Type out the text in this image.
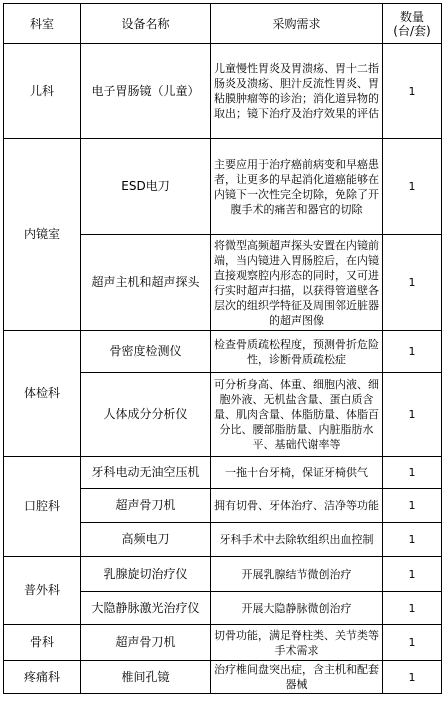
科室	设备名称	采购需求	数量
(台/套)
儿科	电子胃肠镜（儿童）	儿童慢性胃炎及胃溃疡、胃十二指肠炎及溃疡、胆汁反流性胃炎、胃粘膜肿瘤等的诊治；消化道异物的取出；镜下治疗及治疗效果的评估	1
内镜室	ESD电刀	主要应用于治疗癌前病变和早癌患者，让更多的早起消化道癌能够在内镜下一次性完全切除，免除了开腹手术的痛苦和器官的切除	1
	超声主机和超声探头	将微型高频超声探头安置在内镜前端，当内镜进入胃肠腔后，在内镜直接观察腔内形态的同时，又可进行实时超声扫描，以获得管道壁各层次的组织学特征及周围邻近脏器的超声图像	1
体检科	骨密度检测仪	检查骨质疏松程度，预测骨折危险性，诊断骨质疏松症	1
	人体成分分析仪	可分析身高、体重、细胞内液、细胞外液、无机盐含量、蛋白质含量、肌肉含量、体脂肪量、体脂百分比、腰部脂肪量、内脏脂肪水平、基础代谢率等	1
口腔科	牙科电动无油空压机	一拖十台牙椅，保证牙椅供气	1
	超声骨刀机	拥有切骨、牙体治疗、洁净等功能	1
	高频电刀	牙科手术中去除软组织出血控制	1
普外科	乳腺旋切治疗仪	开展乳腺结节微创治疗	1
	大隐静脉激光治疗仪	开展大隐静脉微创治疗	1
骨科	超声骨刀机	切骨功能，满足脊柱类、关节类等手术需求	1
疼痛科	椎间孔镜	治疗椎间盘突出症，含主机和配套器械	1
